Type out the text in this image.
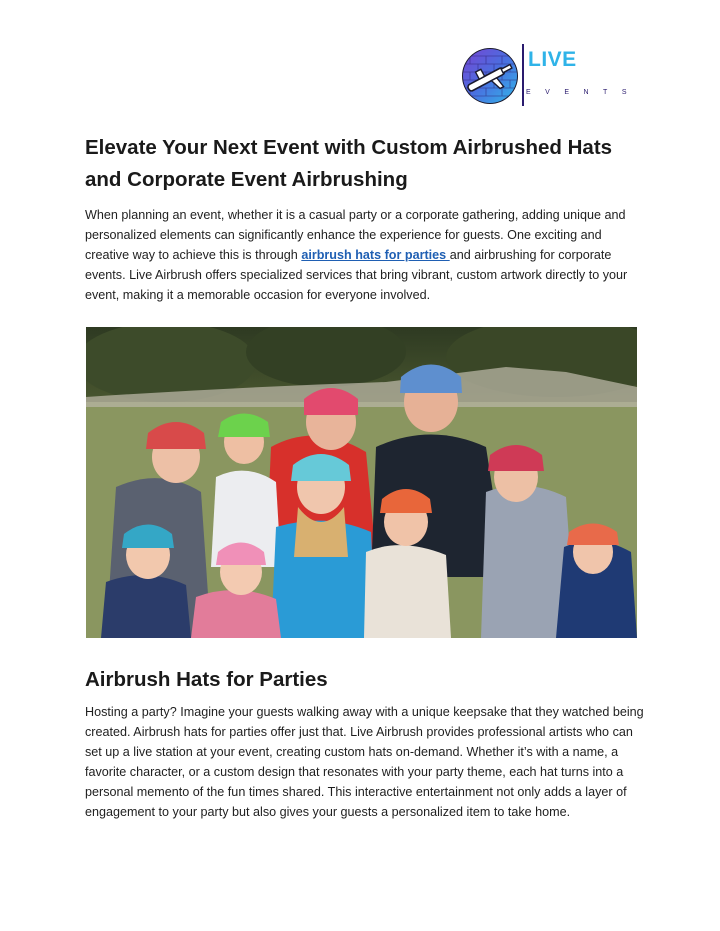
LIVE
EVENTS
Elevate Your Next Event with Custom Airbrushed Hats and Corporate Event Airbrushing

When planning an event, whether it is a casual party or a corporate gathering, adding unique and personalized elements can significantly enhance the experience for guests. One exciting and creative way to achieve this is through airbrush hats for parties and airbrushing for corporate events. Live Airbrush offers specialized services that bring vibrant, custom artwork directly to your event, making it a memorable occasion for everyone involved.

Airbrush Hats for Parties

Hosting a party? Imagine your guests walking away with a unique keepsake that they watched being created. Airbrush hats for parties offer just that. Live Airbrush provides professional artists who can set up a live station at your event, creating custom hats on-demand. Whether it’s with a name, a favorite character, or a custom design that resonates with your party theme, each hat turns into a personal memento of the fun times shared. This interactive entertainment not only adds a layer of engagement to your party but also gives your guests a personalized item to take home.
